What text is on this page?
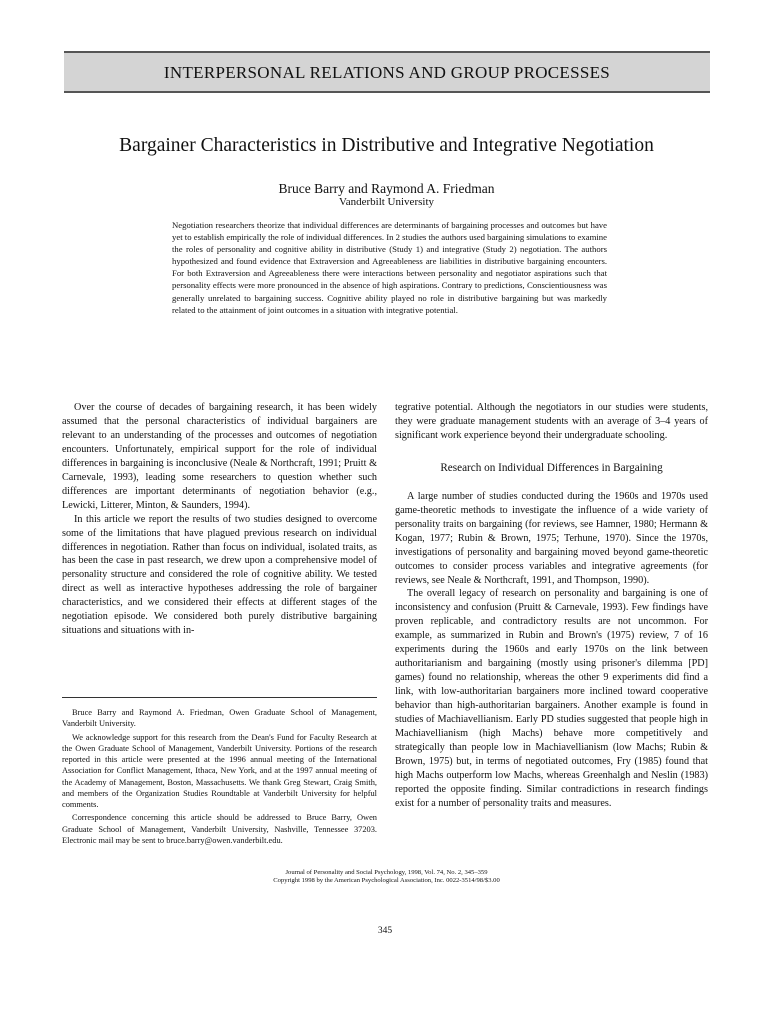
INTERPERSONAL RELATIONS AND GROUP PROCESSES
Bargainer Characteristics in Distributive and Integrative Negotiation
Bruce Barry and Raymond A. Friedman
Vanderbilt University

Negotiation researchers theorize that individual differences are determinants of bargaining processes and outcomes but have yet to establish empirically the role of individual differences. In 2 studies the authors used bargaining simulations to examine the roles of personality and cognitive ability in distributive (Study 1) and integrative (Study 2) negotiation. The authors hypothesized and found evidence that Extraversion and Agreeableness are liabilities in distributive bargaining encounters. For both Extraversion and Agreeableness there were interactions between personality and negotiator aspirations such that personality effects were more pronounced in the absence of high aspirations. Contrary to predictions, Conscientiousness was generally unrelated to bargaining success. Cognitive ability played no role in distributive bargaining but was markedly related to the attainment of joint outcomes in a situation with integrative potential.

Over the course of decades of bargaining research, it has been widely assumed that the personal characteristics of individual bargainers are relevant to an understanding of the processes and outcomes of negotiation encounters. Unfortunately, empirical support for the role of individual differences in bargaining is inconclusive (Neale & Northcraft, 1991; Pruitt & Carnevale, 1993), leading some researchers to question whether such differences are important determinants of negotiation behavior (e.g., Lewicki, Litterer, Minton, & Saunders, 1994).

In this article we report the results of two studies designed to overcome some of the limitations that have plagued previous research on individual differences in negotiation. Rather than focus on individual, isolated traits, as has been the case in past research, we drew upon a comprehensive model of personality structure and considered the role of cognitive ability. We tested direct as well as interactive hypotheses addressing the role of bargainer characteristics, and we considered their effects at different stages of the negotiation episode. We considered both purely distributive bargaining situations and situations with in-

Bruce Barry and Raymond A. Friedman, Owen Graduate School of Management, Vanderbilt University.

We acknowledge support for this research from the Dean's Fund for Faculty Research at the Owen Graduate School of Management, Vanderbilt University. Portions of the research reported in this article were presented at the 1996 annual meeting of the International Association for Conflict Management, Ithaca, New York, and at the 1997 annual meeting of the Academy of Management, Boston, Massachusetts. We thank Greg Stewart, Craig Smith, and members of the Organization Studies Roundtable at Vanderbilt University for helpful comments.

Correspondence concerning this article should be addressed to Bruce Barry, Owen Graduate School of Management, Vanderbilt University, Nashville, Tennessee 37203. Electronic mail may be sent to bruce.barry@owen.vanderbilt.edu.

tegrative potential. Although the negotiators in our studies were students, they were graduate management students with an average of 3–4 years of significant work experience beyond their undergraduate schooling.

Research on Individual Differences in Bargaining

A large number of studies conducted during the 1960s and 1970s used game-theoretic methods to investigate the influence of a wide variety of personality traits on bargaining (for reviews, see Hamner, 1980; Hermann & Kogan, 1977; Rubin & Brown, 1975; Terhune, 1970). Since the 1970s, investigations of personality and bargaining moved beyond game-theoretic outcomes to consider process variables and integrative agreements (for reviews, see Neale & Northcraft, 1991, and Thompson, 1990).

The overall legacy of research on personality and bargaining is one of inconsistency and confusion (Pruitt & Carnevale, 1993). Few findings have proven replicable, and contradictory results are not uncommon. For example, as summarized in Rubin and Brown's (1975) review, 7 of 16 experiments during the 1960s and early 1970s on the link between authoritarianism and bargaining (mostly using prisoner's dilemma [PD] games) found no relationship, whereas the other 9 experiments did find a link, with low-authoritarian bargainers more inclined toward cooperative behavior than high-authoritarian bargainers. Another example is found in studies of Machiavellianism. Early PD studies suggested that people high in Machiavellianism (high Machs) behave more competitively and strategically than people low in Machiavellianism (low Machs; Rubin & Brown, 1975) but, in terms of negotiated outcomes, Fry (1985) found that high Machs outperform low Machs, whereas Greenhalgh and Neslin (1983) reported the opposite finding. Similar contradictions in research findings exist for a number of personality traits and measures.

Journal of Personality and Social Psychology, 1998, Vol. 74, No. 2, 345–359
Copyright 1998 by the American Psychological Association, Inc. 0022-3514/98/$3.00
345
